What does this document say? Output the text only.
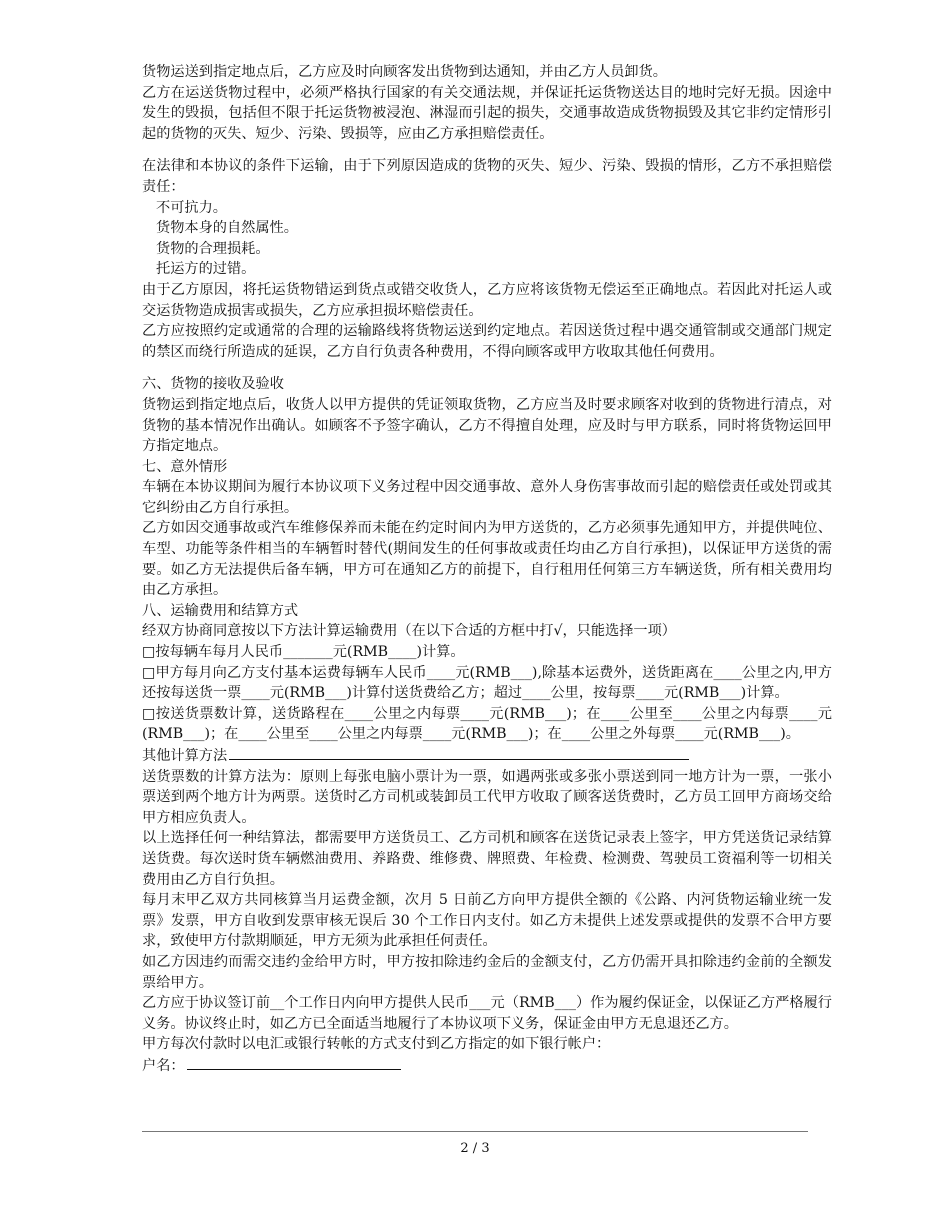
货物运送到指定地点后，乙方应及时向顾客发出货物到达通知，并由乙方人员卸货。
乙方在运送货物过程中，必须严格执行国家的有关交通法规，并保证托运货物送达目的地时完好无损。因途中发生的毁损，包括但不限于托运货物被浸泡、淋湿而引起的损失，交通事故造成货物损毁及其它非约定情形引起的货物的灭失、短少、污染、毁损等，应由乙方承担赔偿责任。
在法律和本协议的条件下运输，由于下列原因造成的货物的灭失、短少、污染、毁损的情形，乙方不承担赔偿责任：
不可抗力。
货物本身的自然属性。
货物的合理损耗。
托运方的过错。
由于乙方原因，将托运货物错运到货点或错交收货人，乙方应将该货物无偿运至正确地点。若因此对托运人或交运货物造成损害或损失，乙方应承担损坏赔偿责任。
乙方应按照约定或通常的合理的运输路线将货物运送到约定地点。若因送货过程中遇交通管制或交通部门规定的禁区而绕行所造成的延误，乙方自行负责各种费用，不得向顾客或甲方收取其他任何费用。
六、货物的接收及验收
货物运到指定地点后，收货人以甲方提供的凭证领取货物，乙方应当及时要求顾客对收到的货物进行清点，对货物的基本情况作出确认。如顾客不予签字确认，乙方不得擅自处理，应及时与甲方联系，同时将货物运回甲方指定地点。
七、意外情形
车辆在本协议期间为履行本协议项下义务过程中因交通事故、意外人身伤害事故而引起的赔偿责任或处罚或其它纠纷由乙方自行承担。
乙方如因交通事故或汽车维修保养而未能在约定时间内为甲方送货的，乙方必须事先通知甲方，并提供吨位、车型、功能等条件相当的车辆暂时替代(期间发生的任何事故或责任均由乙方自行承担)，以保证甲方送货的需要。如乙方无法提供后备车辆，甲方可在通知乙方的前提下，自行租用任何第三方车辆送货，所有相关费用均由乙方承担。
八、运输费用和结算方式
经双方协商同意按以下方法计算运输费用（在以下合适的方框中打√，只能选择一项）
□按每辆车每月人民币_______元(RMB____)计算。
□甲方每月向乙方支付基本运费每辆车人民币____元(RMB___),除基本运费外，送货距离在____公里之内,甲方还按每送货一票____元(RMB___)计算付送货费给乙方；超过____公里，按每票____元(RMB___)计算。
□按送货票数计算，送货路程在____公里之内每票____元(RMB___)；在____公里至____公里之内每票____元(RMB___)；在____公里至____公里之内每票____元(RMB___)；在____公里之外每票____元(RMB___)。
其他计算方法
送货票数的计算方法为：原则上每张电脑小票计为一票，如遇两张或多张小票送到同一地方计为一票，一张小票送到两个地方计为两票。送货时乙方司机或装卸员工代甲方收取了顾客送货费时，乙方员工回甲方商场交给甲方相应负责人。
以上选择任何一种结算法，都需要甲方送货员工、乙方司机和顾客在送货记录表上签字，甲方凭送货记录结算送货费。每次送时货车辆燃油费用、养路费、维修费、牌照费、年检费、检测费、驾驶员工资福利等一切相关费用由乙方自行负担。
每月末甲乙双方共同核算当月运费金额，次月 5 日前乙方向甲方提供全额的《公路、内河货物运输业统一发票》发票，甲方自收到发票审核无误后 30 个工作日内支付。如乙方未提供上述发票或提供的发票不合甲方要求，致使甲方付款期顺延，甲方无须为此承担任何责任。
如乙方因违约而需交违约金给甲方时，甲方按扣除违约金后的金额支付，乙方仍需开具扣除违约金前的全额发票给甲方。
乙方应于协议签订前__个工作日内向甲方提供人民币___元（RMB___）作为履约保证金，以保证乙方严格履行义务。协议终止时，如乙方已全面适当地履行了本协议项下义务，保证金由甲方无息退还乙方。
甲方每次付款时以电汇或银行转帐的方式支付到乙方指定的如下银行帐户：
户名：
2 / 3
